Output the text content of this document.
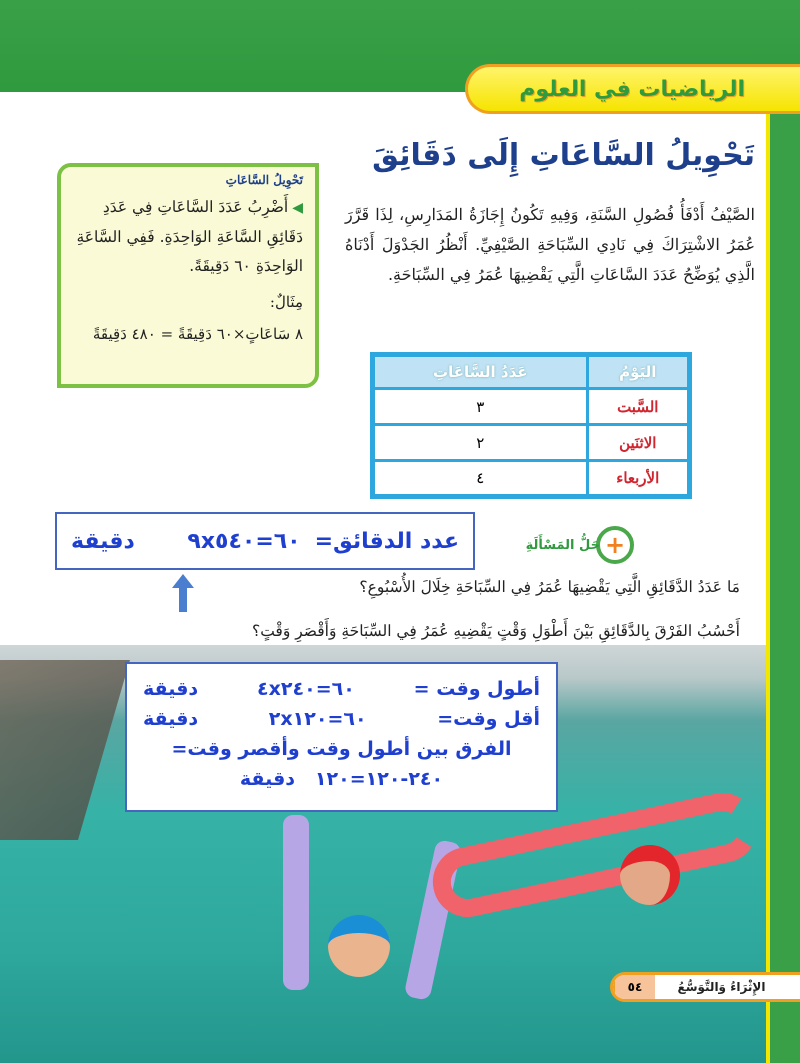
الرياضيات في العلوم
تَحْوِيلُ السَّاعَاتِ إِلَى دَقَائِقَ
الصَّيْفُ أَدْفَأُ فُصُولِ السَّنَةِ، وَفِيهِ تَكُونُ إِجَازَةُ المَدَارِسِ، لِذَا قَرَّرَ عُمَرُ الاشْتِرَاكَ فِي نَادِي السِّبَاحَةِ الصَّيْفِيِّ. أَنْظُرُ الجَدْوَلَ أَدْنَاهُ الَّذِي يُوَضِّحُ عَدَدَ السَّاعَاتِ الَّتِي يَقْضِيهَا عُمَرُ فِي السِّبَاحَةِ.
تَحْوِيلُ السَّاعَاتِ
◀أَضْرِبُ عَدَدَ السَّاعَاتِ فِي عَدَدِ دَقَائِقِ السَّاعَةِ الوَاحِدَةِ. فَفِي السَّاعَةِ الوَاحِدَةِ ٦٠ دَقِيقَةً.
مِثَالٌ:
٨ سَاعَاتٍ×٦٠ دَقِيقَةً = ٤٨٠ دَقِيقَةً
اليَوْمُ	عَدَدُ السَّاعَاتِ
السَّبت	٣
الاثنَين	٢
الأربعاء	٤
+
حَلُّ المَسْأَلَةِ
عدد الدقائق=
٩x٦٠=٥٤٠
دقيقة
مَا عَدَدُ الدَّقَائِقِ الَّتِي يَقْضِيهَا عُمَرُ فِي السِّبَاحَةِ خِلَالَ الأُسْبُوعِ؟
أَحْسُبُ الفَرْقَ بِالدَّقَائِقِ بَيْنَ أَطْوَلِ وَقْتٍ يَقْضِيهِ عُمَرُ فِي السِّبَاحَةِ وَأَقْصَرِ وَقْتٍ؟
أطول وقت =
٤x٦٠=٢٤٠
دقيقة
أقل وقت=
٢x٦٠=١٢٠
دقيقة
الفرق بين أطول وقت وأقصر وقت=
٢٤٠-١٢٠=١٢٠   دقيقة
الإِثْرَاءُ وَالتَّوَسُّعُ
٥٤
